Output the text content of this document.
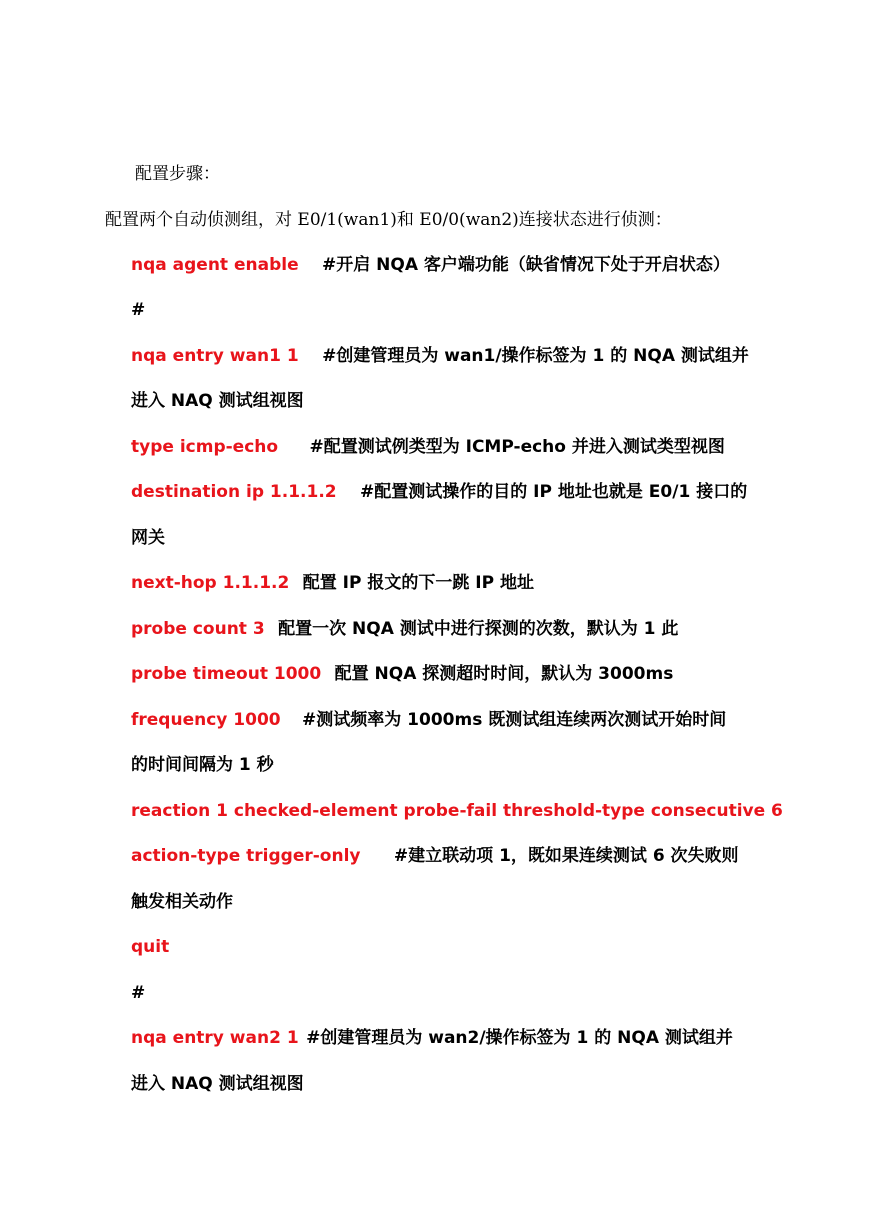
配置步骤：
配置两个自动侦测组，对 E0/1(wan1)和 E0/0(wan2)连接状态进行侦测：
nqa agent enable #开启 NQA 客户端功能（缺省情况下处于开启状态）
#
nqa entry wan1 1 #创建管理员为 wan1/操作标签为 1 的 NQA 测试组并
进入 NAQ 测试组视图
type icmp-echo #配置测试例类型为 ICMP-echo 并进入测试类型视图
destination ip 1.1.1.2 #配置测试操作的目的 IP 地址也就是 E0/1 接口的
网关
next-hop 1.1.1.2 配置 IP 报文的下一跳 IP 地址
probe count 3 配置一次 NQA 测试中进行探测的次数，默认为 1 此
probe timeout 1000 配置 NQA 探测超时时间，默认为 3000ms
frequency 1000 #测试频率为 1000ms 既测试组连续两次测试开始时间
的时间间隔为 1 秒
reaction 1 checked-element probe-fail threshold-type consecutive 6
action-type trigger-only #建立联动项 1，既如果连续测试 6 次失败则
触发相关动作
quit
#
nqa entry wan2 1 #创建管理员为 wan2/操作标签为 1 的 NQA 测试组并
进入 NAQ 测试组视图
